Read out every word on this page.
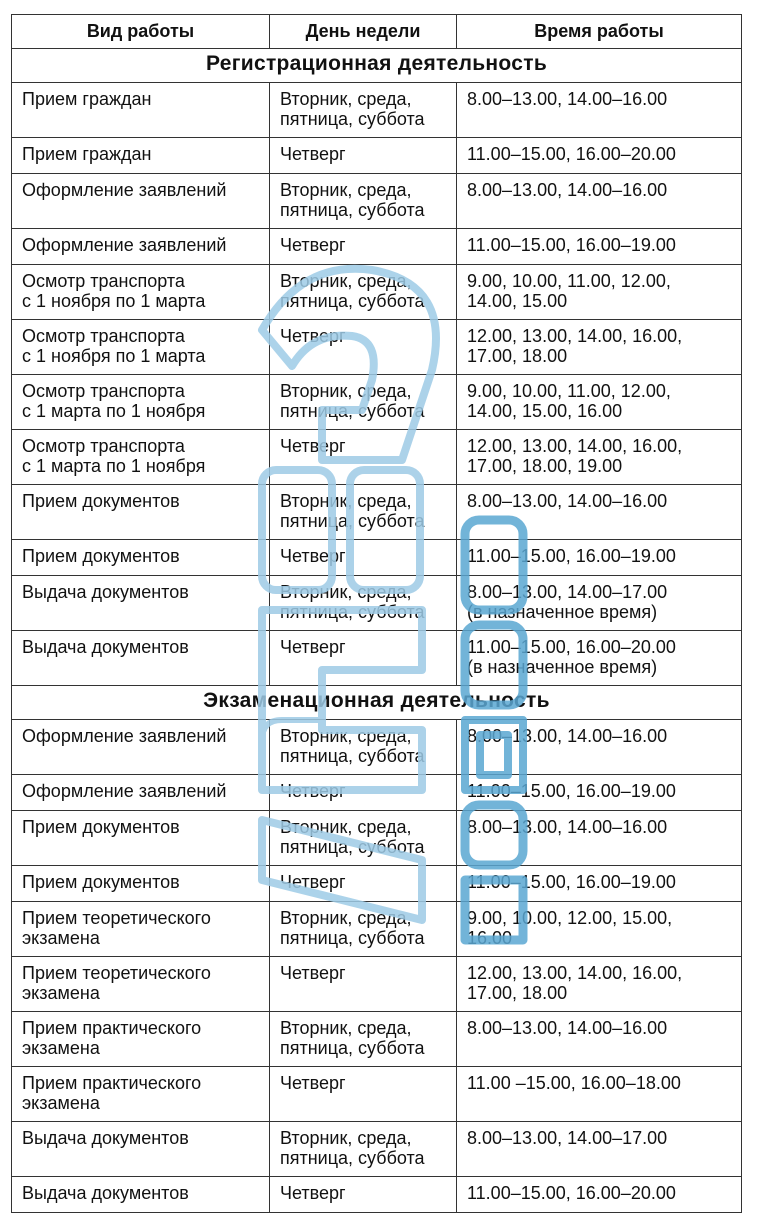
Вид работы	День недели	Время работы
Регистрационная деятельность		
Прием граждан	Вторник, среда,
пятница, суббота	8.00–13.00, 14.00–16.00
Прием граждан	Четверг	11.00–15.00, 16.00–20.00
Оформление заявлений	Вторник, среда,
пятница, суббота	8.00–13.00, 14.00–16.00
Оформление заявлений	Четверг	11.00–15.00, 16.00–19.00
Осмотр транспорта
с 1 ноября по 1 марта	Вторник, среда,
пятница, суббота	9.00, 10.00, 11.00, 12.00,
14.00, 15.00
Осмотр транспорта
с 1 ноября по 1 марта	Четверг	12.00, 13.00, 14.00, 16.00,
17.00, 18.00
Осмотр транспорта
с 1 марта по 1 ноября	Вторник, среда,
пятница, суббота	9.00, 10.00, 11.00, 12.00,
14.00, 15.00, 16.00
Осмотр транспорта
с 1 марта по 1 ноября	Четверг	12.00, 13.00, 14.00, 16.00,
17.00, 18.00, 19.00
Прием документов	Вторник, среда,
пятница, суббота	8.00–13.00, 14.00–16.00
Прием документов	Четверг	11.00–15.00, 16.00–19.00
Выдача документов	Вторник, среда,
пятница, суббота	8.00–13.00, 14.00–17.00
(в назначенное время)
Выдача документов	Четверг	11.00–15.00, 16.00–20.00
(в назначенное время)
Экзаменационная деятельность		
Оформление заявлений	Вторник, среда,
пятница, суббота	8.00–13.00, 14.00–16.00
Оформление заявлений	Четверг	11.00–15.00, 16.00–19.00
Прием документов	Вторник, среда,
пятница, суббота	8.00–13.00, 14.00–16.00
Прием документов	Четверг	11.00–15.00, 16.00–19.00
Прием теоретического
экзамена	Вторник, среда,
пятница, суббота	9.00, 10.00, 12.00, 15.00,
16.00
Прием теоретического
экзамена	Четверг	12.00, 13.00, 14.00, 16.00,
17.00, 18.00
Прием практического
экзамена	Вторник, среда,
пятница, суббота	8.00–13.00, 14.00–16.00
Прием практического
экзамена	Четверг	11.00 –15.00, 16.00–18.00
Выдача документов	Вторник, среда,
пятница, суббота	8.00–13.00, 14.00–17.00
Выдача документов	Четверг	11.00–15.00, 16.00–20.00
